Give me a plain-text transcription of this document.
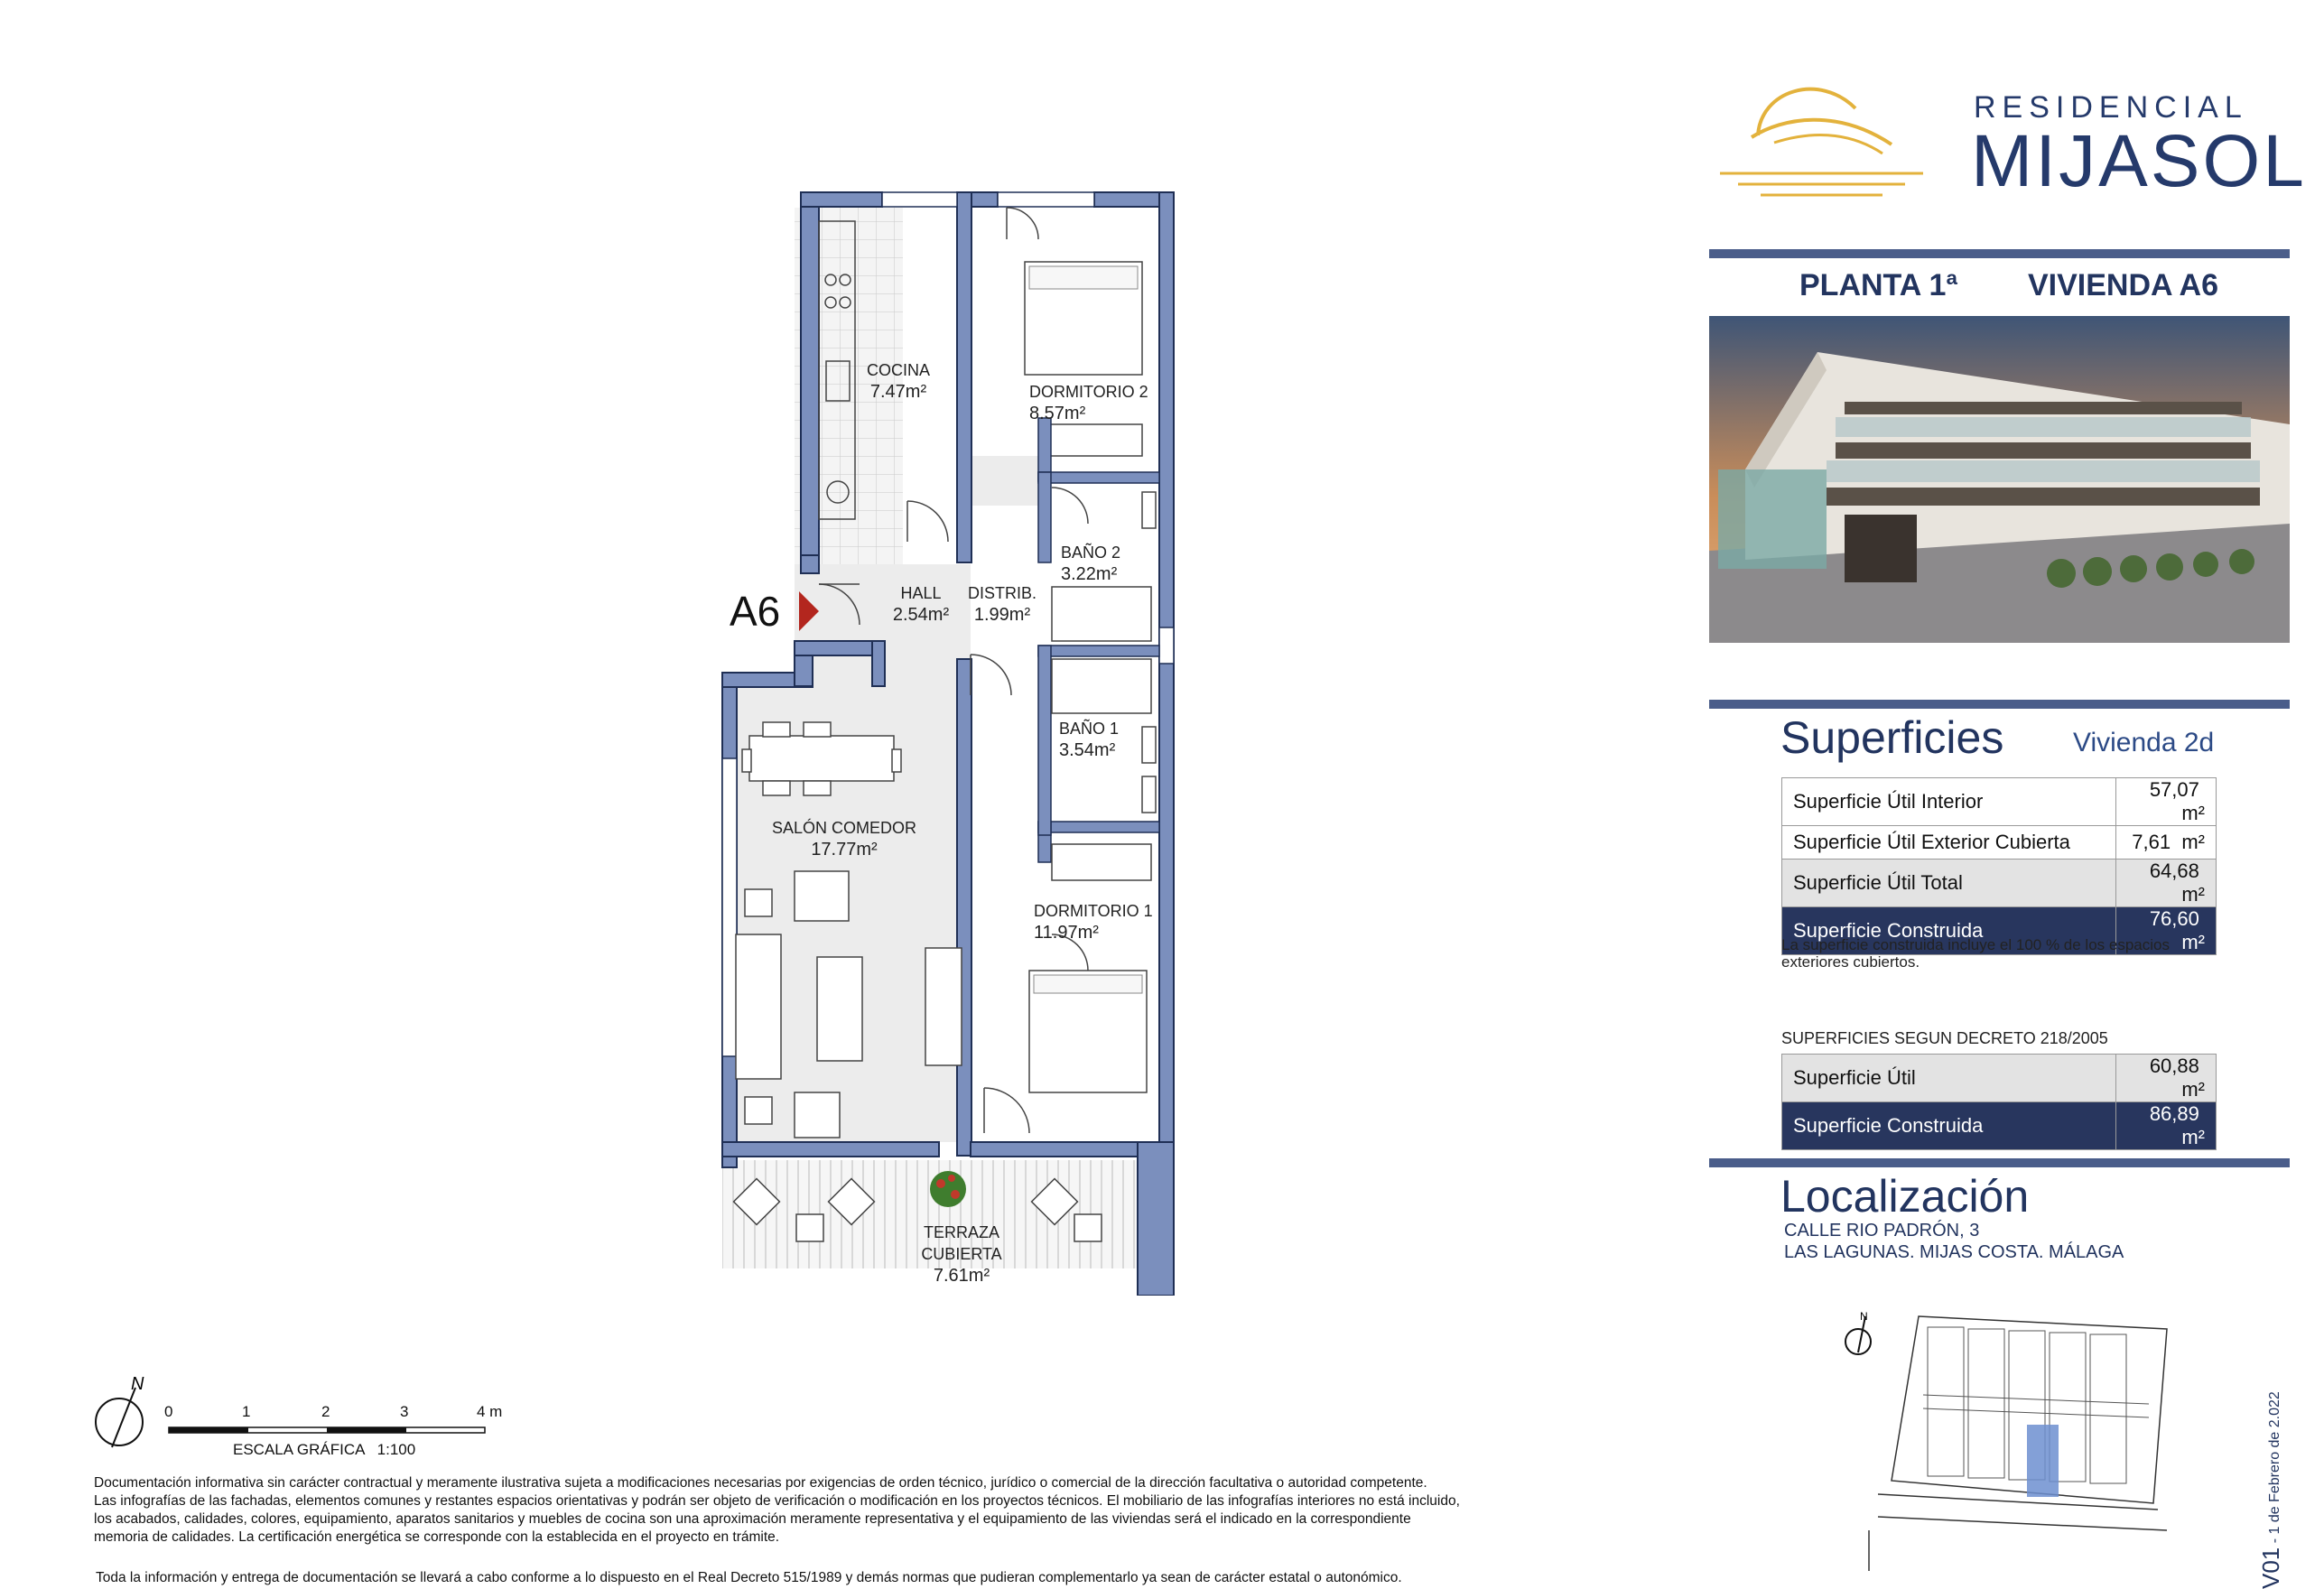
RESIDENCIAL
MIJASOL
PLANTA 1ª VIVIENDA A6
Superficies	Vivienda 2d
Superficie Útil Interior	57,07  m²
Superficie Útil Exterior Cubierta	7,61 m²
Superficie Útil Total	64,68  m²
Superficie Construida	76,60  m²
La superficie construida incluye el 100 % de los espacios exteriores cubiertos.
SUPERFICIES SEGUN DECRETO 218/2005
Superficie Útil	60,88  m²
Superficie Construida	86,89  m²
Localización
CALLE RIO PADRÓN, 3
LAS LAGUNAS. MIJAS COSTA. MÁLAGA
N
V01 - 1 de Febrero de 2.022
COCINA
7.47m²	DORMITORIO 2
8.57m²
BAÑO 2
3.22m²
HALL
2.54m²
DISTRIB.
1.99m²
BAÑO 1
3.54m²
SALÓN COMEDOR
17.77m²
DORMITORIO 1
11.97m²
TERRAZA CUBIERTA
7.61m²
A6
N
0	1	2	3	4 m
ESCALA GRÁFICA   1:100
Documentación informativa sin carácter contractual y meramente ilustrativa sujeta a modificaciones necesarias por exigencias de orden técnico, jurídico o comercial de la dirección facultativa o autoridad competente.
Las infografías de las fachadas, elementos comunes y restantes espacios orientativas y podrán ser objeto de verificación o modificación en los proyectos técnicos. El mobiliario de las infografías interiores no está incluido,
los acabados, calidades, colores, equipamiento, aparatos sanitarios y muebles de cocina son una aproximación meramente representativa y el equipamiento de las viviendas será el indicado en la correspondiente
memoria de calidades. La certificación energética se corresponde con la establecida en el proyecto en trámite.
Toda la información y entrega de documentación se llevará a cabo conforme a lo dispuesto en el Real Decreto 515/1989 y demás normas que pudieran complementarlo ya sean de carácter estatal o autonómico.
